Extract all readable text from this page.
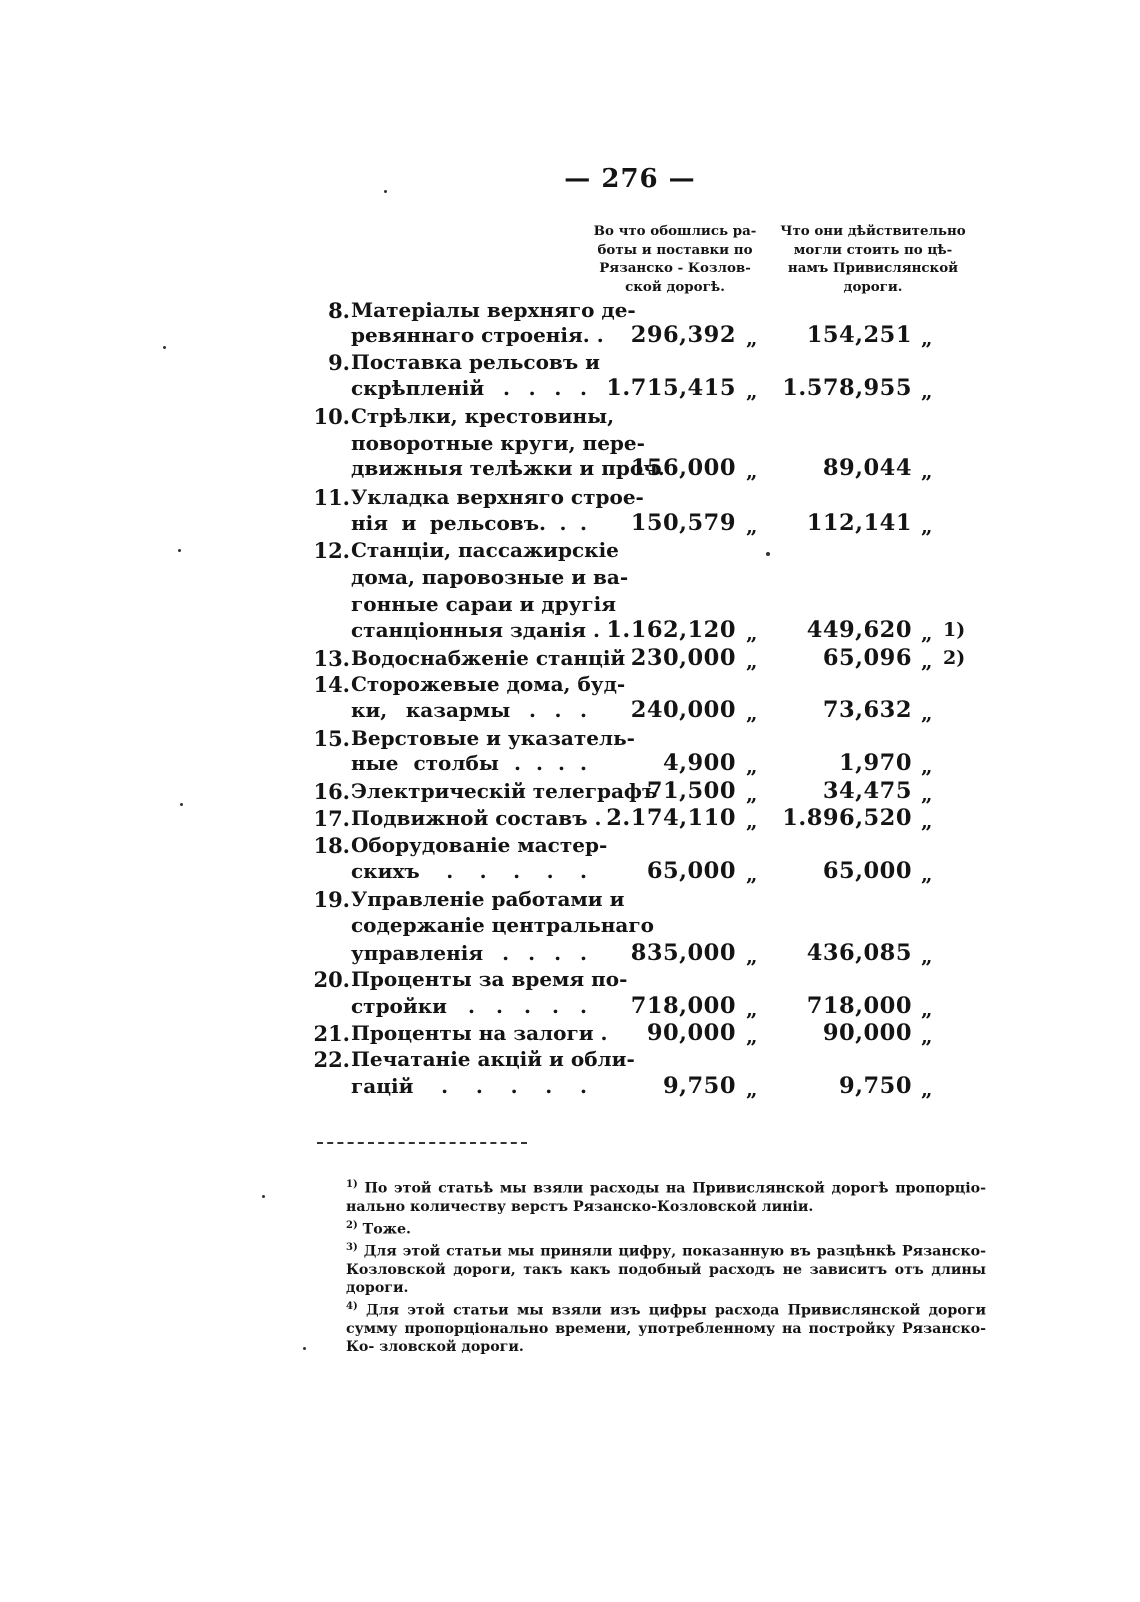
— 276 —
Во что обошлись ра-
боты и поставки по
Рязанско - Козлов-
ской дорогѣ.
Что они дѣйствительно
могли стоить по цѣ-
намъ Привислянской
дороги.
8. Матеріалы верхняго де-
ревяннаго строенія. .	296,392 „	154,251 „
9. Поставка рельсовъ и
скрѣпленій . . . . 1.715,415 „	1.578,955 „
10. Стрѣлки, крестовины,
поворотные круги, пере-
движныя телѣжки и проч.
156,000 „	89,044 „
11. Укладка верхняго строе-
нія и рельсовъ. . .	150,579 „	112,141 „
12. Станціи, пассажирскіе
дома, паровозные и ва-
гонные сараи и другія
станціонныя зданія . 1.162,120 „	449,620 „ 1)
13. Водоснабженіе станцій 230,000 „	65,096 „ 2)
14. Сторожевые дома, буд-
ки, казармы . . .	240,000 „	73,632 „
15. Верстовые и указатель-
ные столбы . . . .	4,900 „	1,970 „
16. Электрическій телеграфъ
71,500 „	34,475 „
17. Подвижной составъ . 2.174,110 „	1.896,520 „
18. Оборудованіе мастер-
скихъ . . . . .	65,000 „	65,000 „
19. Управленіе работами и
содержаніе центральнаго
управленія . . . .	835,000 „	436,085 „
20. Проценты за время по-
стройки . . . . .	718,000 „	718,000 „
21. Проценты на залоги .	90,000 „	90,000 „
22. Печатаніе акцій и обли-
гацій . . . . .	9,750 „	9,750 „

$^{1)}$ По этой статьѣ мы взяли расходы на Привислянской дорогѣ пропорціо- нально количеству верстъ Рязанско-Козловской линіи.

$^{2)}$ Тоже.

$^{3)}$ Для этой статьи мы приняли цифру, показанную въ разцѣнкѣ Рязанско- Козловской дороги, такъ какъ подобный расходъ не зависитъ отъ длины дороги.

$^{4)}$ Для этой статьи мы взяли изъ цифры расхода Привислянской дороги сумму пропорціонально времени, употребленному на постройку Рязанско-Ко- зловской дороги.
